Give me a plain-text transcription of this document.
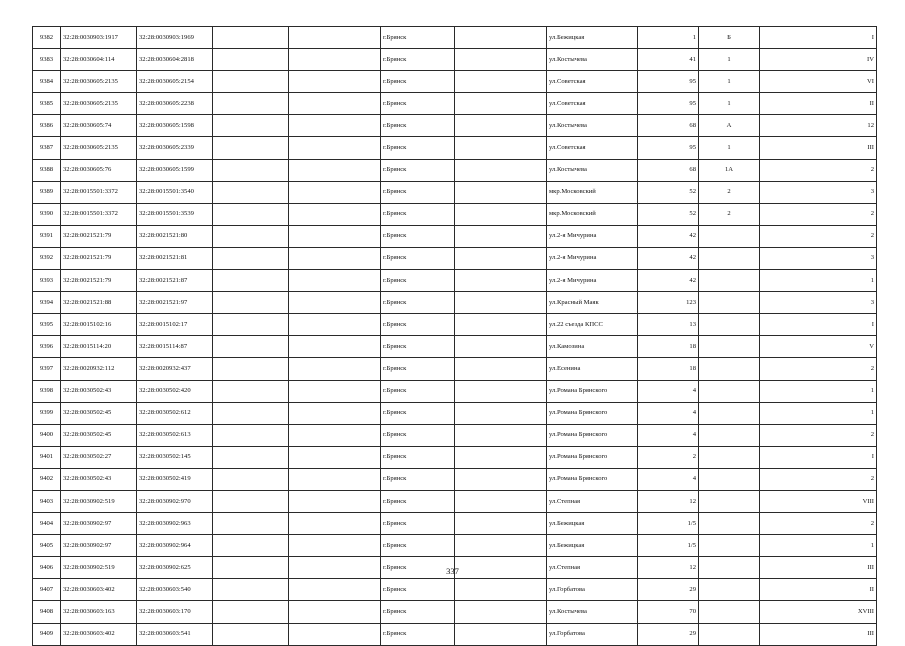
9382	32:28:0030903:1917	32:28:0030903:1969			г.Брянск		ул.Бежицкая	1	Б	I
9383	32:28:0030604:114	32:28:0030604:2818			г.Брянск		ул.Костычева	41	1	IV
9384	32:28:0030605:2135	32:28:0030605:2154			г.Брянск		ул.Советская	95	1	VI
9385	32:28:0030605:2135	32:28:0030605:2238			г.Брянск		ул.Советская	95	1	II
9386	32:28:0030605:74	32:28:0030605:1598			г.Брянск		ул.Костычева	68	А	12
9387	32:28:0030605:2135	32:28:0030605:2339			г.Брянск		ул.Советская	95	1	III
9388	32:28:0030605:76	32:28:0030605:1599			г.Брянск		ул.Костычева	68	1А	2
9389	32:28:0015501:3372	32:28:0015501:3540			г.Брянск		мкр.Московский	52	2	3
9390	32:28:0015501:3372	32:28:0015501:3539			г.Брянск		мкр.Московский	52	2	2
9391	32:28:0021521:79	32:28:0021521:80			г.Брянск		ул.2-я Мичурина	42		2
9392	32:28:0021521:79	32:28:0021521:81			г.Брянск		ул.2-я Мичурина	42		3
9393	32:28:0021521:79	32:28:0021521:87			г.Брянск		ул.2-я Мичурина	42		1
9394	32:28:0021521:88	32:28:0021521:97			г.Брянск		ул.Красный Маяк	123		3
9395	32:28:0015102:16	32:28:0015102:17			г.Брянск		ул.22 съезда КПСС	13		I
9396	32:28:0015114:20	32:28:0015114:87			г.Брянск		ул.Камозина	18		V
9397	32:28:0020932:112	32:28:0020932:437			г.Брянск		ул.Есенина	18		2
9398	32:28:0030502:43	32:28:0030502:420			г.Брянск		ул.Романа Брянского	4		1
9399	32:28:0030502:45	32:28:0030502:612			г.Брянск		ул.Романа Брянского	4		1
9400	32:28:0030502:45	32:28:0030502:613			г.Брянск		ул.Романа Брянского	4		2
9401	32:28:0030502:27	32:28:0030502:145			г.Брянск		ул.Романа Брянского	2		I
9402	32:28:0030502:43	32:28:0030502:419			г.Брянск		ул.Романа Брянского	4		2
9403	32:28:0030902:519	32:28:0030902:970			г.Брянск		ул.Степная	12		VIII
9404	32:28:0030902:97	32:28:0030902:963			г.Брянск		ул.Бежицкая	1/5		2
9405	32:28:0030902:97	32:28:0030902:964			г.Брянск		ул.Бежицкая	1/5		1
9406	32:28:0030902:519	32:28:0030902:625			г.Брянск		ул.Степная	12		III
9407	32:28:0030603:402	32:28:0030603:540			г.Брянск		ул.Горбатова	29		II
9408	32:28:0030603:163	32:28:0030603:170			г.Брянск		ул.Костычева	70		XVIII
9409	32:28:0030603:402	32:28:0030603:541			г.Брянск		ул.Горбатова	29		III
337
